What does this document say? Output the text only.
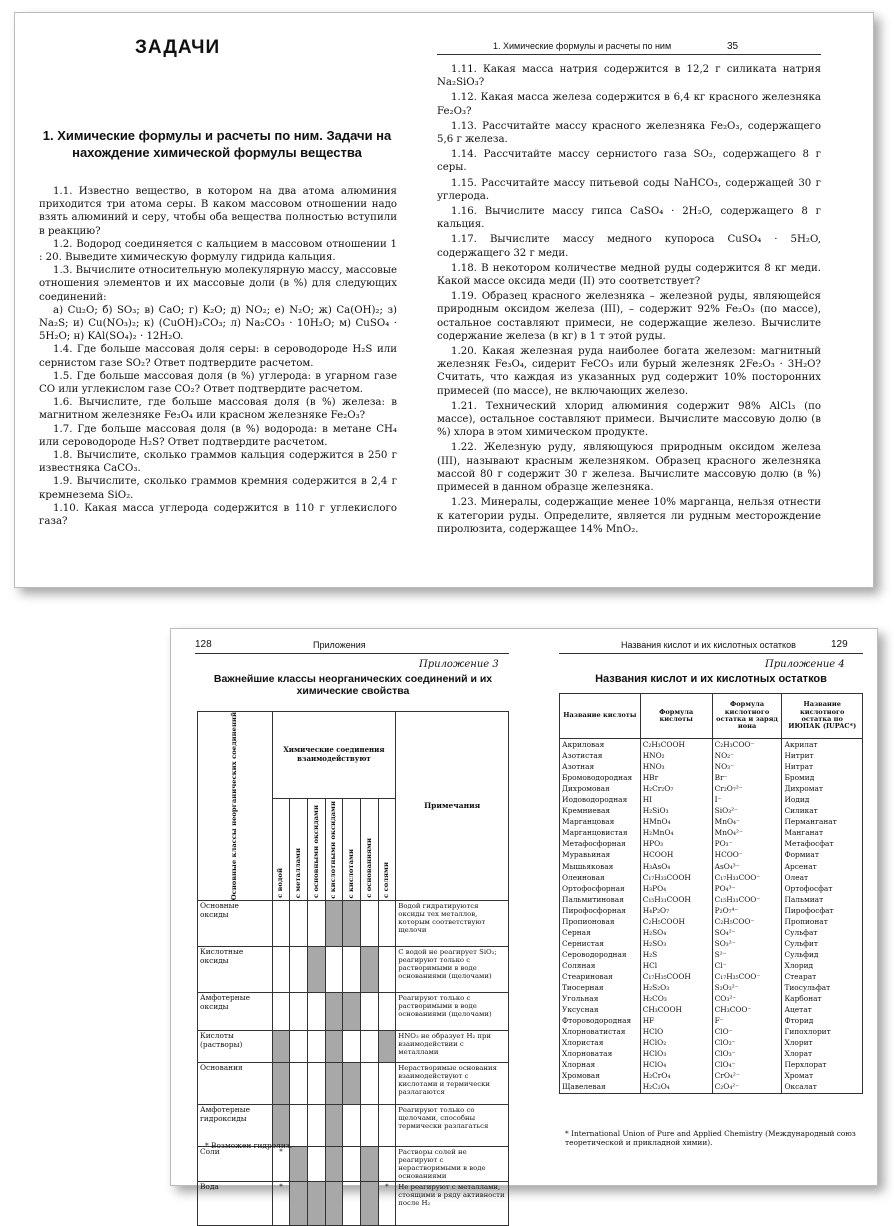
ЗАДАЧИ
1. Химические формулы и расчеты по ним. Задачи на нахождение химической формулы вещества

1.1. Известно вещество, в котором на два атома алюминия приходится три атома серы. В каком массовом отношении надо взять алюминий и серу, чтобы оба вещества полностью вступили в реакцию?

1.2. Водород соединяется с кальцием в массовом отношении 1 : 20. Выведите химическую формулу гидрида кальция.

1.3. Вычислите относительную молекулярную массу, массовые отношения элементов и их массовые доли (в %) для следующих соединений:

а) Cu₂O; б) SO₃; в) CaO; г) K₂O; д) NO₂; е) N₂O; ж) Ca(OH)₂; з) Na₂S; и) Cu(NO₃)₂; к) (CuOH)₂CO₃; л) Na₂CO₃ · 10H₂O; м) CuSO₄ · 5H₂O; н) KAl(SO₄)₂ · 12H₂O.

1.4. Где больше массовая доля серы: в сероводороде H₂S или сернистом газе SO₂? Ответ подтвердите расчетом.

1.5. Где больше массовая доля (в %) углерода: в угарном газе CO или углекислом газе CO₂? Ответ подтвердите расчетом.

1.6. Вычислите, где больше массовая доля (в %) железа: в магнитном железняке Fe₃O₄ или красном железняке Fe₂O₃?

1.7. Где больше массовая доля (в %) водорода: в метане CH₄ или сероводороде H₂S? Ответ подтвердите расчетом.

1.8. Вычислите, сколько граммов кальция содержится в 250 г известняка CaCO₃.

1.9. Вычислите, сколько граммов кремния содержится в 2,4 г кремнезема SiO₂.

1.10. Какая масса углерода содержится в 110 г углекислого газа?

1. Химические формулы и расчеты по ним	35

1.11. Какая масса натрия содержится в 12,2 г силиката натрия Na₂SiO₃?

1.12. Какая масса железа содержится в 6,4 кг красного железняка Fe₂O₃?

1.13. Рассчитайте массу красного железняка Fe₂O₃, содержащего 5,6 г железа.

1.14. Рассчитайте массу сернистого газа SO₂, содержащего 8 г серы.

1.15. Рассчитайте массу питьевой соды NaHCO₃, содержащей 30 г углерода.

1.16. Вычислите массу гипса CaSO₄ · 2H₂O, содержащего 8 г кальция.

1.17. Вычислите массу медного купороса CuSO₄ · 5H₂O, содержащего 32 г меди.

1.18. В некотором количестве медной руды содержится 8 кг меди. Какой массе оксида меди (II) это соответствует?

1.19. Образец красного железняка – железной руды, являющейся природным оксидом железа (III), – содержит 92% Fe₂O₃ (по массе), остальное составляют примеси, не содержащие железо. Вычислите содержание железа (в кг) в 1 т этой руды.

1.20. Какая железная руда наиболее богата железом: магнитный железняк Fe₃O₄, сидерит FeCO₃ или бурый железняк 2Fe₂O₃ · 3H₂O? Считать, что каждая из указанных руд содержит 10% посторонних примесей (по массе), не включающих железо.

1.21. Технический хлорид алюминия содержит 98% AlCl₃ (по массе), остальное составляют примеси. Вычислите массовую долю (в %) хлора в этом химическом продукте.

1.22. Железную руду, являющуюся природным оксидом железа (III), называют красным железняком. Образец красного железняка массой 80 г содержит 30 г железа. Вычислите массовую долю (в %) примесей в данном образце железняка.

1.23. Минералы, содержащие менее 10% марганца, нельзя отнести к категории руды. Определите, является ли рудным месторождение пиролюзита, содержащее 14% MnO₂.

128	Приложения
Приложение 3
Важнейшие классы неорганических соединений и их химические свойства
Основные классы неорганических соединений	Химические соединения взаимодействуют							Примечания

	с водой	с металлами	с основными оксидами	с кислотными оксидами	с кислотами	с основаниями	с солями	

Основные оксиды								Водой гидратируются оксиды тех металлов, которым соответствуют щелочи
Кислотные оксиды								С водой не реагирует SiO₂; реагируют только с растворимыми в воде основаниями (щелочами)
Амфотерные оксиды								Реагируют только с растворимыми в воде основаниями (щелочами)
Кислоты (растворы)								HNO₃ не образует H₂ при взаимодействии с металлами
Основания								Нерастворимые основания взаимодействуют с кислотами и термически разлагаются
Амфотерные гидроксиды								Реагируют только со щелочами, способны термически разлагаться
Соли	*							Растворы солей не реагируют с нерастворимыми в воде основаниями
Вода	*						*	Не реагируют с металлами, стоящими в ряду активности после H₂
* Возможен гидролиз.
Названия кислот и их кислотных остатков	129
Приложение 4
Названия кислот и их кислотных остатков
Название кислоты	Формула кислоты	Формула кислотного остатка и заряд иона	Название кислотного остатка по ИЮПАК (IUPAC*)
Акриловая	C₂H₃COOH	C₂H₃COO⁻	Акрилат
Азотистая	HNO₂	NO₂⁻	Нитрит
Азотная	HNO₃	NO₃⁻	Нитрат
Бромоводородная	HBr	Br⁻	Бромид
Дихромовая	H₂Cr₂O₇	Cr₂O₇²⁻	Дихромат
Иодоводородная	HI	I⁻	Иодид
Кремниевая	H₂SiO₃	SiO₃²⁻	Силикат
Марганцовая	HMnO₄	MnO₄⁻	Перманганат
Марганцовистая	H₂MnO₄	MnO₄²⁻	Манганат
Метафосфорная	HPO₃	PO₃⁻	Метафосфат
Муравьиная	HCOOH	HCOO⁻	Формиат
Мышьяковая	H₃AsO₄	AsO₄³⁻	Арсенат
Олеиновая	C₁₇H₃₃COOH	C₁₇H₃₃COO⁻	Олеат
Ортофосфорная	H₃PO₄	PO₄³⁻	Ортофосфат
Пальмитиновая	C₁₅H₃₁COOH	C₁₅H₃₁COO⁻	Пальмиат
Пирофосфорная	H₄P₂O₇	P₂O₇⁴⁻	Пирофосфат
Пропионовая	C₂H₅COOH	C₂H₅COO⁻	Пропионат
Серная	H₂SO₄	SO₄²⁻	Сульфат
Сернистая	H₂SO₃	SO₃²⁻	Сульфит
Сероводородная	H₂S	S²⁻	Сульфид
Соляная	HCl	Cl⁻	Хлорид
Стеариновая	C₁₇H₃₅COOH	C₁₇H₃₅COO⁻	Стеарат
Тиосерная	H₂S₂O₃	S₂O₃²⁻	Тиосульфат
Угольная	H₂CO₃	CO₃²⁻	Карбонат
Уксусная	CH₃COOH	CH₃COO⁻	Ацетат
Фтороводородная	HF	F⁻	Фторид
Хлорноватистая	HClO	ClO⁻	Гипохлорит
Хлористая	HClO₂	ClO₂⁻	Хлорит
Хлорноватая	HClO₃	ClO₃⁻	Хлорат
Хлорная	HClO₄	ClO₄⁻	Перхлорат
Хромовая	H₂CrO₄	CrO₄²⁻	Хромат
Щавелевая	H₂C₂O₄	C₂O₄²⁻	Оксалат
* International Union of Pure and Applied Chemistry (Международный союз теоретической и прикладной химии).
